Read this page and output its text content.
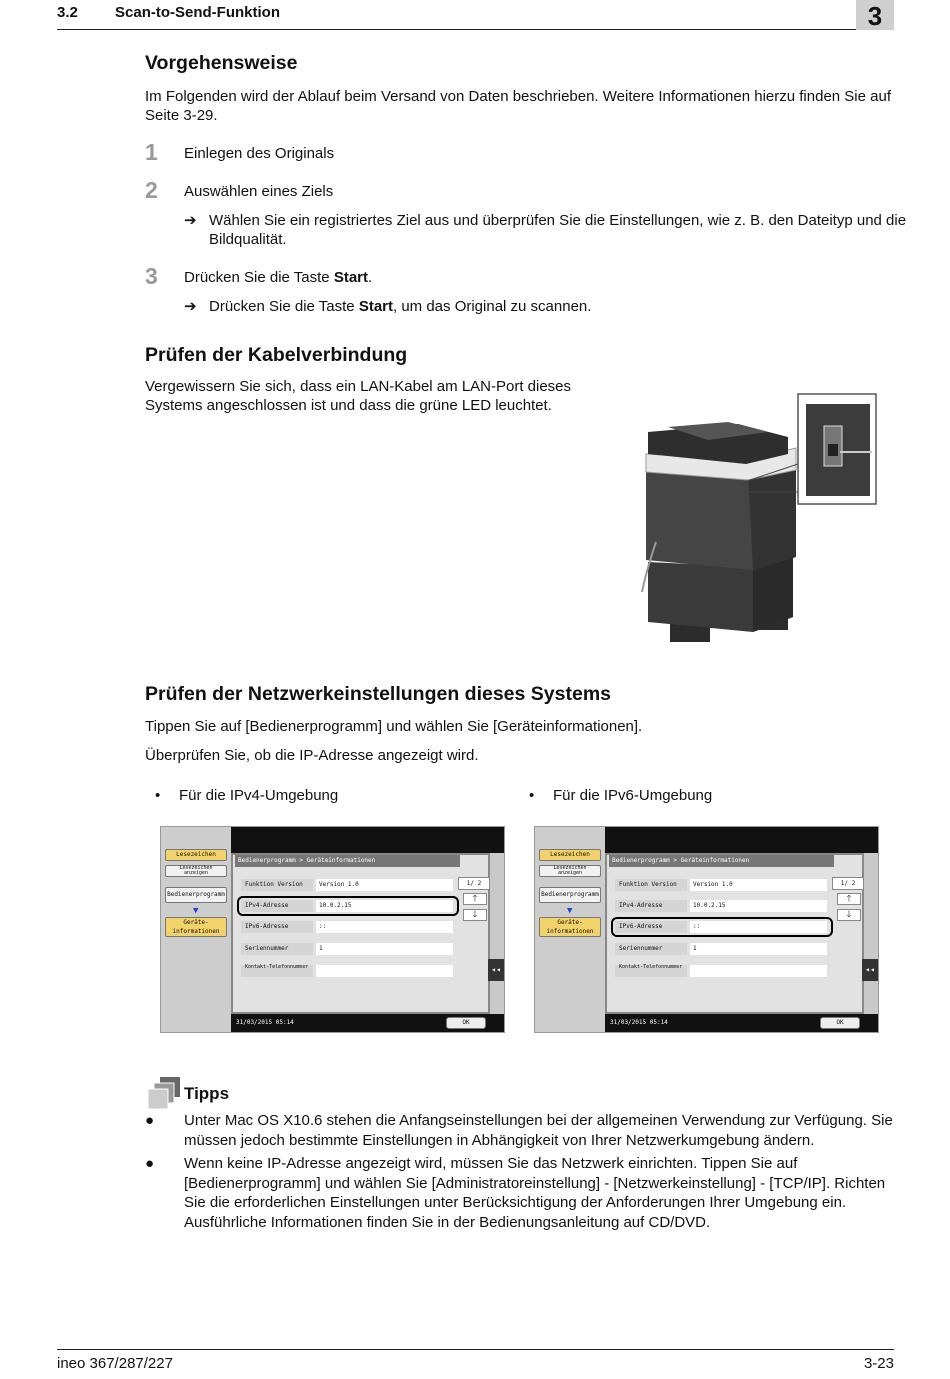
3.2 Scan-to-Send-Funktion	3
Vorgehensweise
Im Folgenden wird der Ablauf beim Versand von Daten beschrieben. Weitere Informationen hierzu finden Sie auf Seite 3-29.
1 Einlegen des Originals
2 Auswählen eines Ziels
➔ Wählen Sie ein registriertes Ziel aus und überprüfen Sie die Einstellungen, wie z. B. den Dateityp und die Bildqualität.
3 Drücken Sie die Taste Start.
➔ Drücken Sie die Taste Start, um das Original zu scannen.
Prüfen der Kabelverbindung
Vergewissern Sie sich, dass ein LAN-Kabel am LAN-Port dieses Systems angeschlossen ist und dass die grüne LED leuchtet.
Prüfen der Netzwerkeinstellungen dieses Systems
Tippen Sie auf [Bedienerprogramm] und wählen Sie [Geräteinformationen].
Überprüfen Sie, ob die IP-Adresse angezeigt wird.
• Für die IPv4-Umgebung	• Für die IPv6-Umgebung
Lesezeichen
Lesezeichen anzeigen
Bedienerprogramm
▼
Geräte-informationen
Bedienerprogramm > Geräteinformationen
Funktion Version	Version 1.0
IPv4-Adresse	10.0.2.15
IPv6-Adresse	::
Seriennummer	1
Kontakt-Telefonnummer
1/ 2
🡑
🡓
◂◂
31/03/2015 05:14	OK
Lesezeichen
Lesezeichen anzeigen
Bedienerprogramm
▼
Geräte-informationen
Bedienerprogramm > Geräteinformationen
Funktion Version	Version 1.0
IPv4-Adresse	10.0.2.15
IPv6-Adresse	::
Seriennummer	1
Kontakt-Telefonnummer
1/ 2
🡑
🡓
◂◂
31/03/2015 05:14	OK
Tipps
● Unter Mac OS X10.6 stehen die Anfangseinstellungen bei der allgemeinen Verwendung zur Verfügung. Sie müssen jedoch bestimmte Einstellungen in Abhängigkeit von Ihrer Netzwerkumgebung ändern.
● Wenn keine IP-Adresse angezeigt wird, müssen Sie das Netzwerk einrichten. Tippen Sie auf [Bedienerprogramm] und wählen Sie [Administratoreinstellung] - [Netzwerkeinstellung] - [TCP/IP]. Richten Sie die erforderlichen Einstellungen unter Berücksichtigung der Anforderungen Ihrer Umgebung ein. Ausführliche Informationen finden Sie in der Bedienungsanleitung auf CD/DVD.
ineo 367/287/227	3-23
